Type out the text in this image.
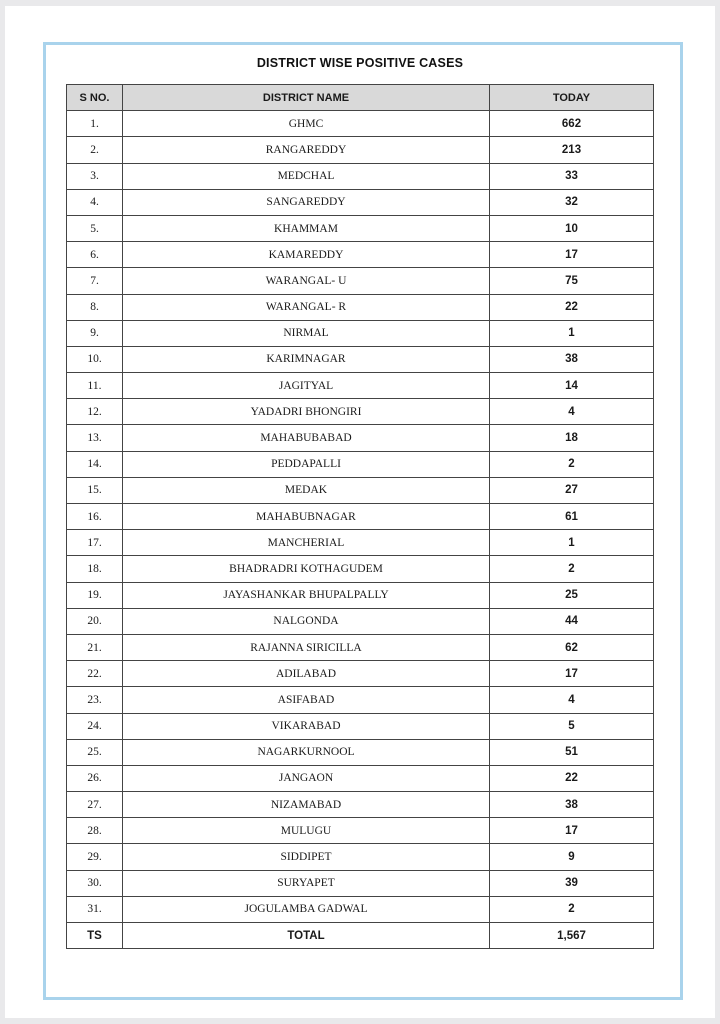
DISTRICT WISE POSITIVE CASES
S NO.	DISTRICT NAME	TODAY
1.	GHMC	662
2.	RANGAREDDY	213
3.	MEDCHAL	33
4.	SANGAREDDY	32
5.	KHAMMAM	10
6.	KAMAREDDY	17
7.	WARANGAL- U	75
8.	WARANGAL- R	22
9.	NIRMAL	1
10.	KARIMNAGAR	38
11.	JAGITYAL	14
12.	YADADRI BHONGIRI	4
13.	MAHABUBABAD	18
14.	PEDDAPALLI	2
15.	MEDAK	27
16.	MAHABUBNAGAR	61
17.	MANCHERIAL	1
18.	BHADRADRI KOTHAGUDEM	2
19.	JAYASHANKAR BHUPALPALLY	25
20.	NALGONDA	44
21.	RAJANNA SIRICILLA	62
22.	ADILABAD	17
23.	ASIFABAD	4
24.	VIKARABAD	5
25.	NAGARKURNOOL	51
26.	JANGAON	22
27.	NIZAMABAD	38
28.	MULUGU	17
29.	SIDDIPET	9
30.	SURYAPET	39
31.	JOGULAMBA GADWAL	2
TS	TOTAL	1,567
